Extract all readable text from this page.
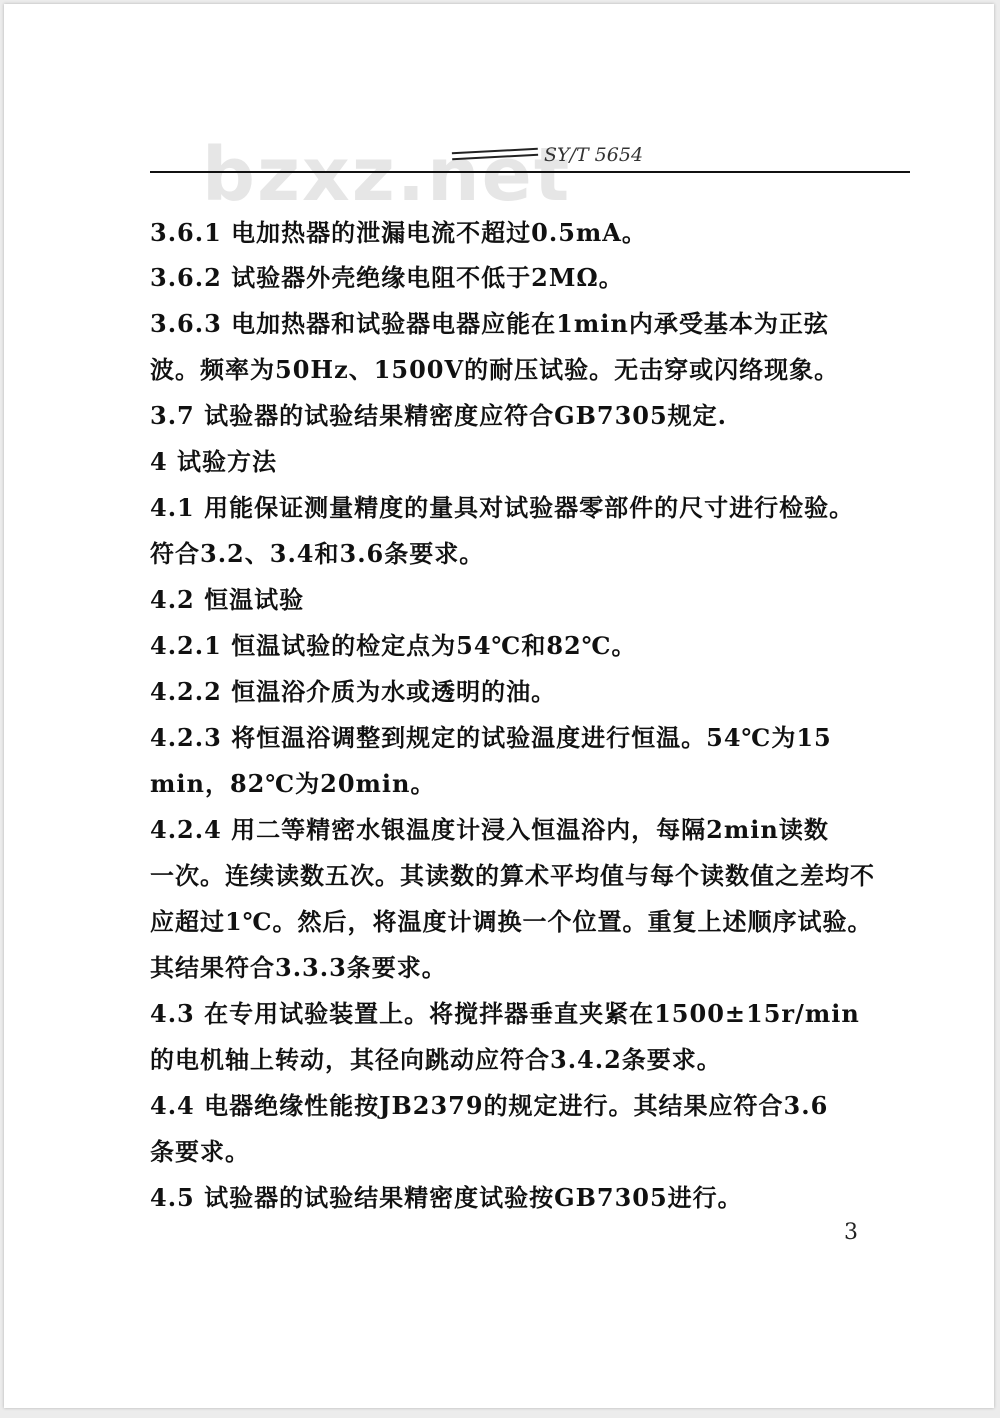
bzxz.net
SY/T 5654
3.6.1 电加热器的泄漏电流不超过0.5mA。
3.6.2 试验器外壳绝缘电阻不低于2MΩ。
3.6.3 电加热器和试验器电器应能在1min内承受基本为正弦
波。频率为50Hz、1500V的耐压试验。无击穿或闪络现象。
3.7 试验器的试验结果精密度应符合GB7305规定.
4 试验方法
4.1 用能保证测量精度的量具对试验器零部件的尺寸进行检验。
符合3.2、3.4和3.6条要求。
4.2 恒温试验
4.2.1 恒温试验的检定点为54℃和82℃。
4.2.2 恒温浴介质为水或透明的油。
4.2.3 将恒温浴调整到规定的试验温度进行恒温。54℃为15
min，82℃为20min。
4.2.4 用二等精密水银温度计浸入恒温浴内，每隔2min读数
一次。连续读数五次。其读数的算术平均值与每个读数值之差均不
应超过1℃。然后，将温度计调换一个位置。重复上述顺序试验。
其结果符合3.3.3条要求。
4.3 在专用试验装置上。将搅拌器垂直夹紧在1500±15r/min
的电机轴上转动，其径向跳动应符合3.4.2条要求。
4.4 电器绝缘性能按JB2379的规定进行。其结果应符合3.6
条要求。
4.5 试验器的试验结果精密度试验按GB7305进行。
3
